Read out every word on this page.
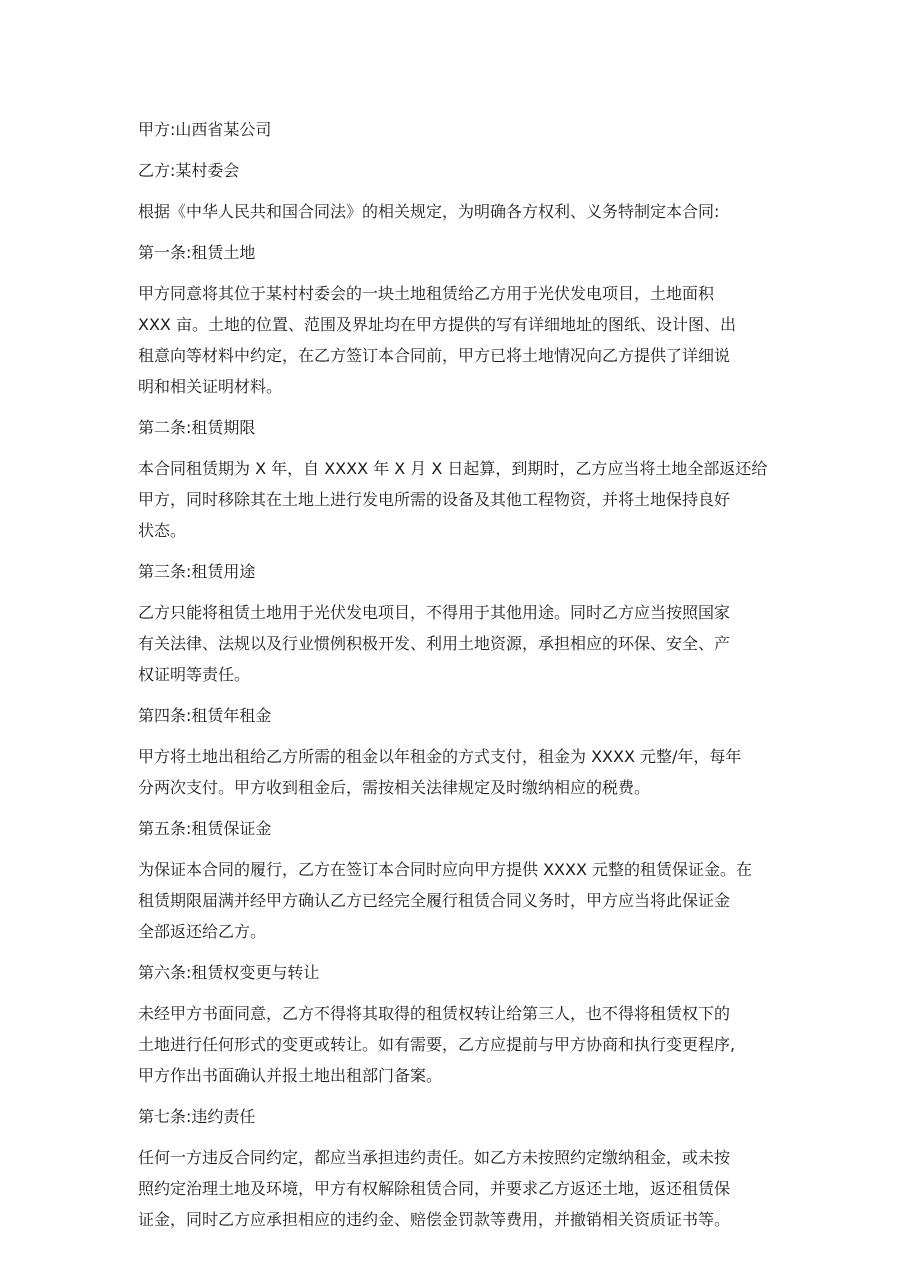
甲方:山西省某公司

乙方:某村委会

根据《中华人民共和国合同法》的相关规定，为明确各方权利、义务特制定本合同:

第一条:租赁土地

甲方同意将其位于某村村委会的一块土地租赁给乙方用于光伏发电项目，土地面积
XXX 亩。土地的位置、范围及界址均在甲方提供的写有详细地址的图纸、设计图、出
租意向等材料中约定，在乙方签订本合同前，甲方已将土地情况向乙方提供了详细说
明和相关证明材料。

第二条:租赁期限

本合同租赁期为 X 年，自 XXXX 年 X 月 X 日起算，到期时，乙方应当将土地全部返还给
甲方，同时移除其在土地上进行发电所需的设备及其他工程物资，并将土地保持良好
状态。

第三条:租赁用途

乙方只能将租赁土地用于光伏发电项目，不得用于其他用途。同时乙方应当按照国家
有关法律、法规以及行业惯例积极开发、利用土地资源，承担相应的环保、安全、产
权证明等责任。

第四条:租赁年租金

甲方将土地出租给乙方所需的租金以年租金的方式支付，租金为 XXXX 元整/年，每年
分两次支付。甲方收到租金后，需按相关法律规定及时缴纳相应的税费。

第五条:租赁保证金

为保证本合同的履行，乙方在签订本合同时应向甲方提供 XXXX 元整的租赁保证金。在
租赁期限届满并经甲方确认乙方已经完全履行租赁合同义务时，甲方应当将此保证金
全部返还给乙方。

第六条:租赁权变更与转让

未经甲方书面同意，乙方不得将其取得的租赁权转让给第三人，也不得将租赁权下的
土地进行任何形式的变更或转让。如有需要，乙方应提前与甲方协商和执行变更程序,
甲方作出书面确认并报土地出租部门备案。

第七条:违约责任

任何一方违反合同约定，都应当承担违约责任。如乙方未按照约定缴纳租金，或未按
照约定治理土地及环境，甲方有权解除租赁合同，并要求乙方返还土地，返还租赁保
证金，同时乙方应承担相应的违约金、赔偿金罚款等费用，并撤销相关资质证书等。
